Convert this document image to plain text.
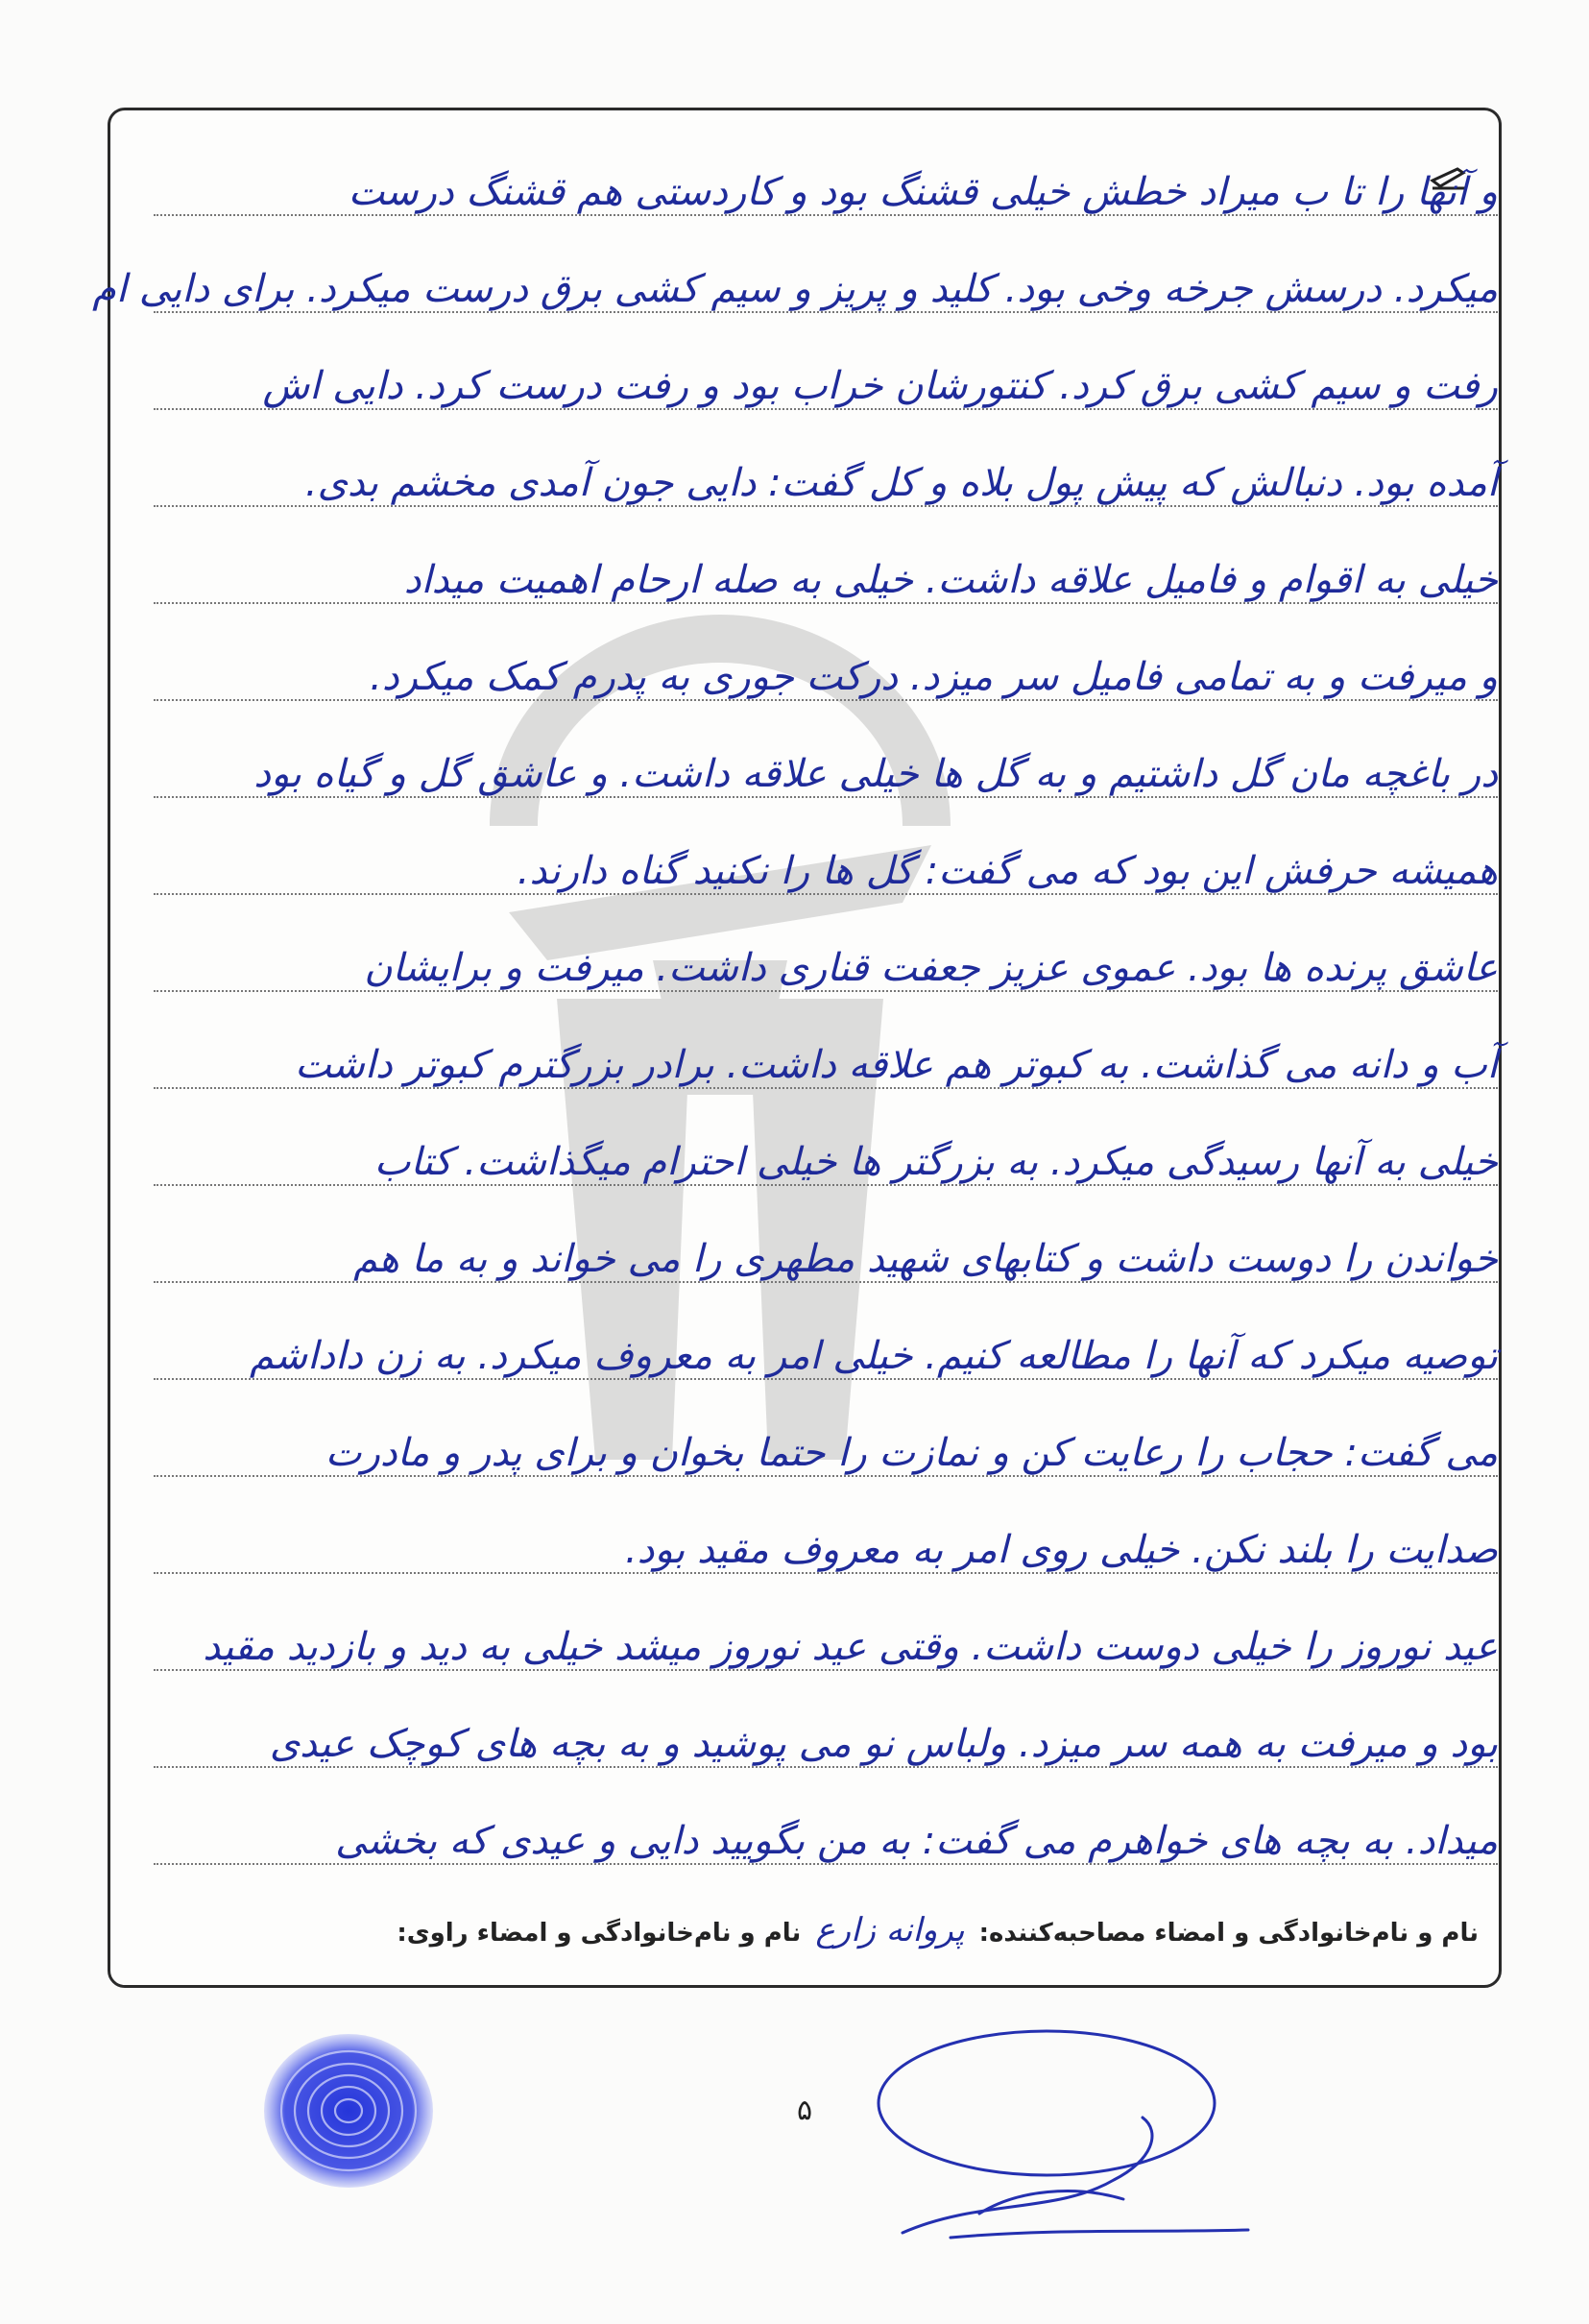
و آنها را تا ب میراد خطش خیلی قشنگ بود و کاردستی هم قشنگ درست
میکرد. درسش جرخه وخی بود. کلید و پریز و سیم کشی برق درست میکرد. برای دایی ام
رفت و سیم کشی برق کرد. کنتورشان خراب بود و رفت درست کرد. دایی اش
آمده بود. دنبالش که پیش پول بلاه و کل گفت: دایی جون آمدی مخشم بدی.
خیلی به اقوام و فامیل علاقه داشت. خیلی به صله ارحام اهمیت میداد
و میرفت و به تمامی فامیل سر میزد. درکت جوری به پدرم کمک میکرد.
در باغچه مان گل داشتیم و به گل ها خیلی علاقه داشت. و عاشق گل و گیاه بود
همیشه حرفش این بود که می گفت: گل ها را نکنید گناه دارند.
عاشق پرنده ها بود. عموی عزیز جعفت قناری داشت. میرفت و برایشان
آب و دانه می گذاشت. به کبوتر هم علاقه داشت. برادر بزرگترم کبوتر داشت
خیلی به آنها رسیدگی میکرد. به بزرگتر ها خیلی احترام میگذاشت. کتاب
خواندن را دوست داشت و کتابهای شهید مطهری را می خواند و به ما هم
توصیه میکرد که آنها را مطالعه کنیم. خیلی امر به معروف میکرد. به زن داداشم
می گفت: حجاب را رعایت کن و نمازت را حتما بخوان و برای پدر و مادرت
صدایت را بلند نکن. خیلی روی امر به معروف مقید بود.
عید نوروز را خیلی دوست داشت. وقتی عید نوروز میشد خیلی به دید و بازدید مقید
بود و میرفت به همه سر میزد. ولباس نو می پوشید و به بچه های کوچک عیدی
میداد. به بچه های خواهرم می گفت: به من بگویید دایی و عیدی که بخشی
نام و نام‌خانوادگی و امضاء مصاحبه‌کننده: پروانه زارع نام و نام‌خانوادگی و امضاء راوی:
۵
